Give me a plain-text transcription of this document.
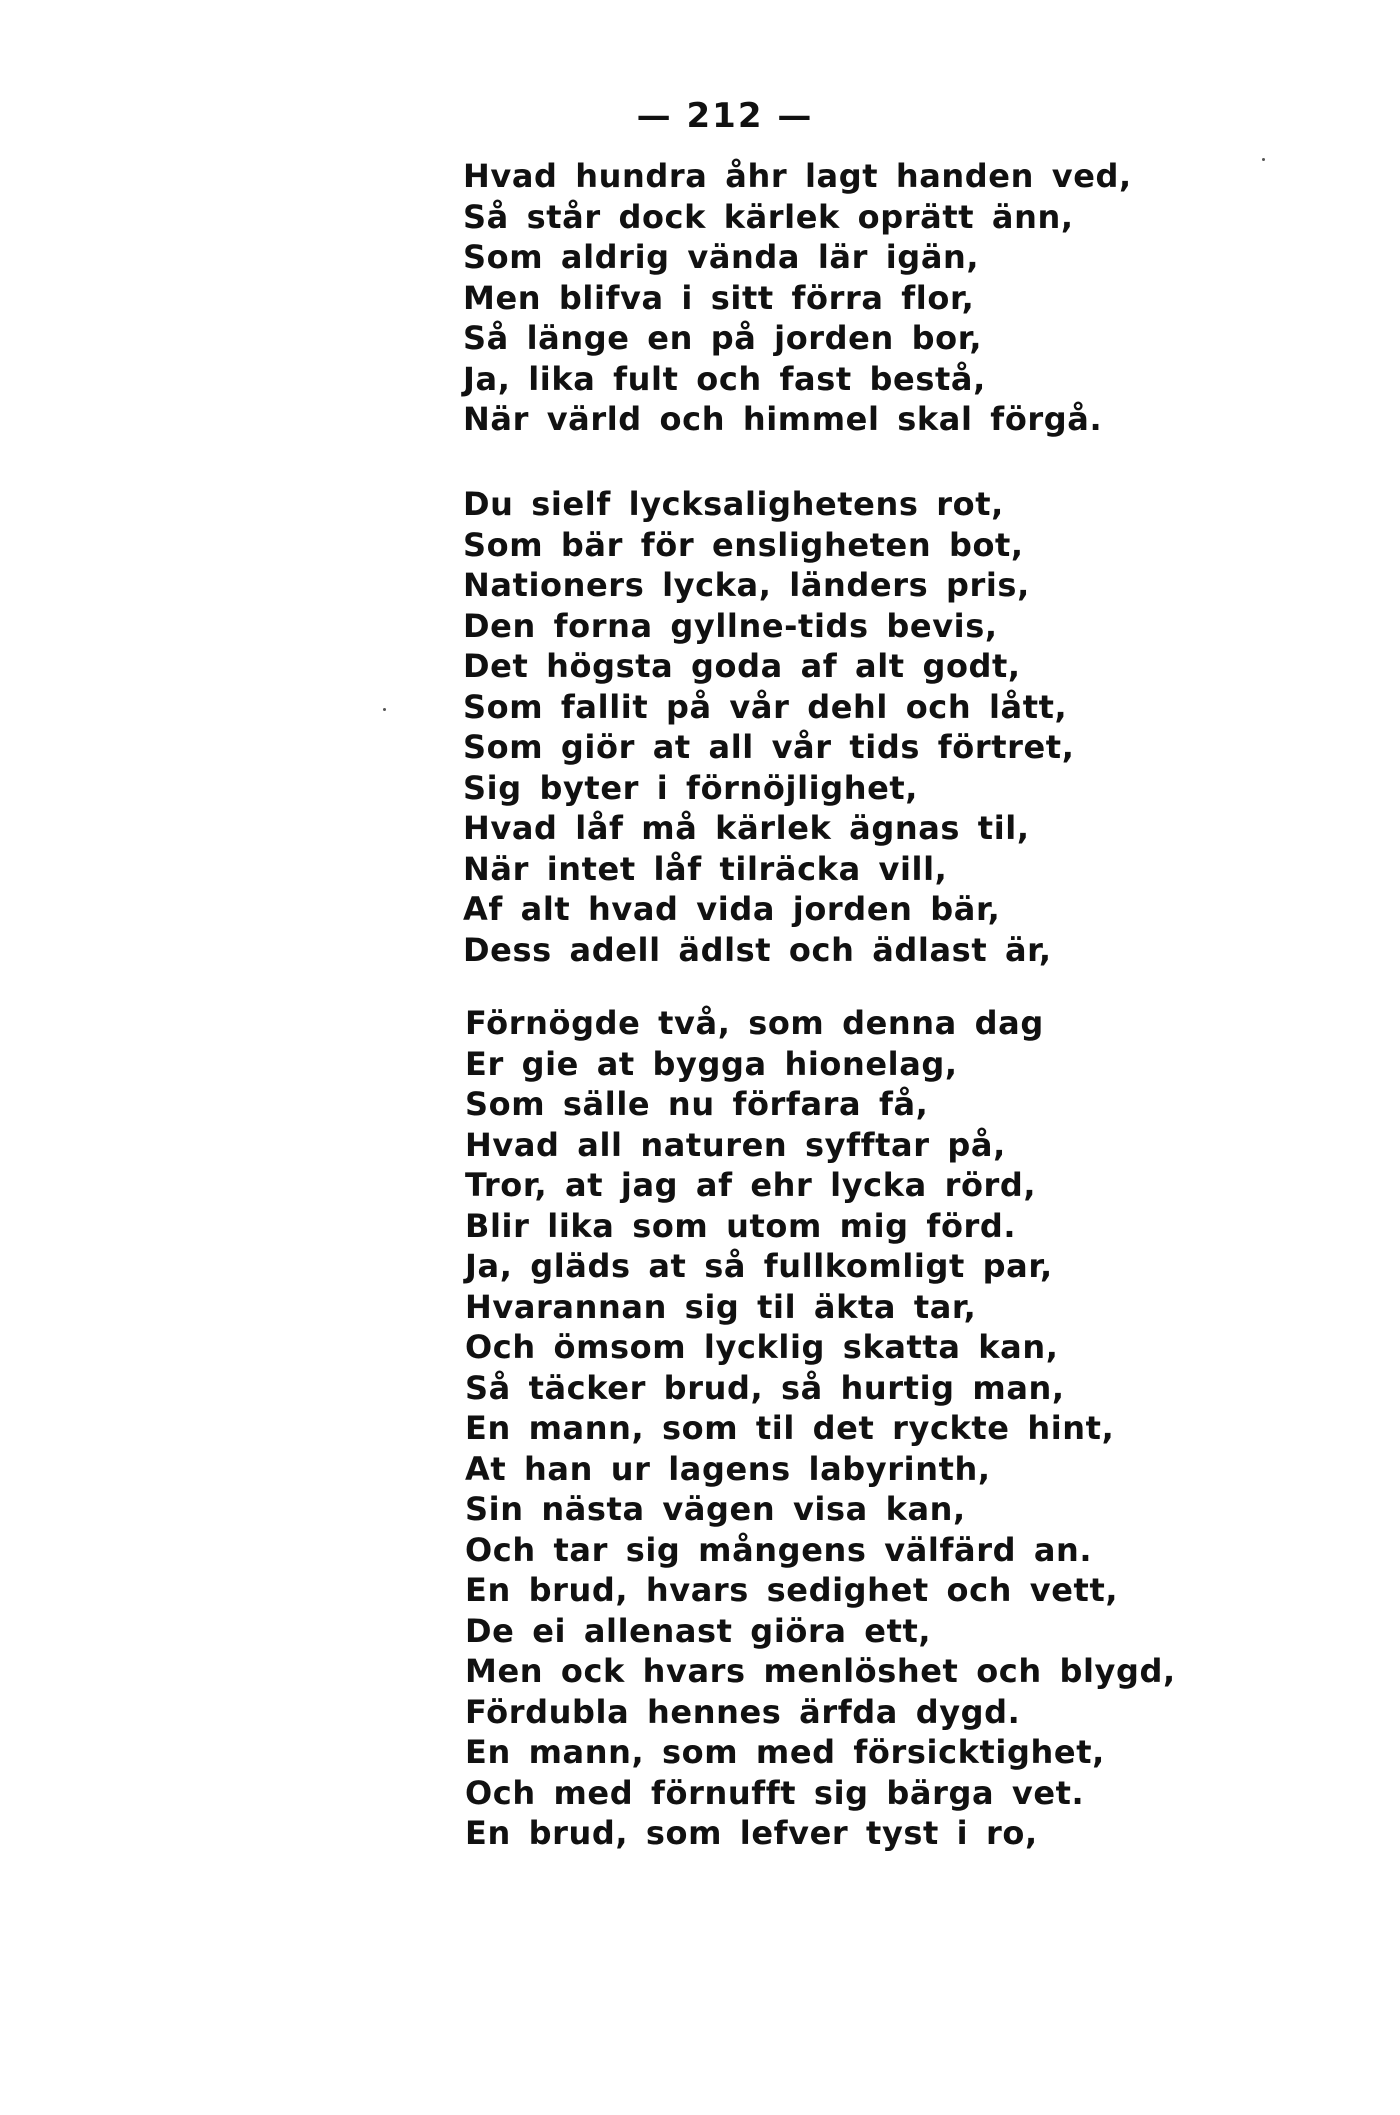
— 212 —
Hvad hundra åhr lagt handen ved,
Så står dock kärlek oprätt änn,
Som aldrig vända lär igän,
Men blifva i sitt förra flor,
Så länge en på jorden bor,
Ja, lika fult och fast bestå,
När värld och himmel skal förgå.
Du sielf lycksalighetens rot,
Som bär för ensligheten bot,
Nationers lycka, länders pris,
Den forna gyllne-tids bevis,
Det högsta goda af alt godt,
Som fallit på vår dehl och lått,
Som giör at all vår tids förtret,
Sig byter i förnöjlighet,
Hvad låf må kärlek ägnas til,
När intet låf tilräcka vill,
Af alt hvad vida jorden bär,
Dess adell ädlst och ädlast är,
Förnögde två, som denna dag
Er gie at bygga hionelag,
Som sälle nu förfara få,
Hvad all naturen syfftar på,
Tror, at jag af ehr lycka rörd,
Blir lika som utom mig förd.
Ja, gläds at så fullkomligt par,
Hvarannan sig til äkta tar,
Och ömsom lycklig skatta kan,
Så täcker brud, så hurtig man,
En mann, som til det ryckte hint,
At han ur lagens labyrinth,
Sin nästa vägen visa kan,
Och tar sig mångens välfärd an.
En brud, hvars sedighet och vett,
De ei allenast giöra ett,
Men ock hvars menlöshet och blygd,
Fördubla hennes ärfda dygd.
En mann, som med försicktighet,
Och med förnufft sig bärga vet.
En brud, som lefver tyst i ro,
